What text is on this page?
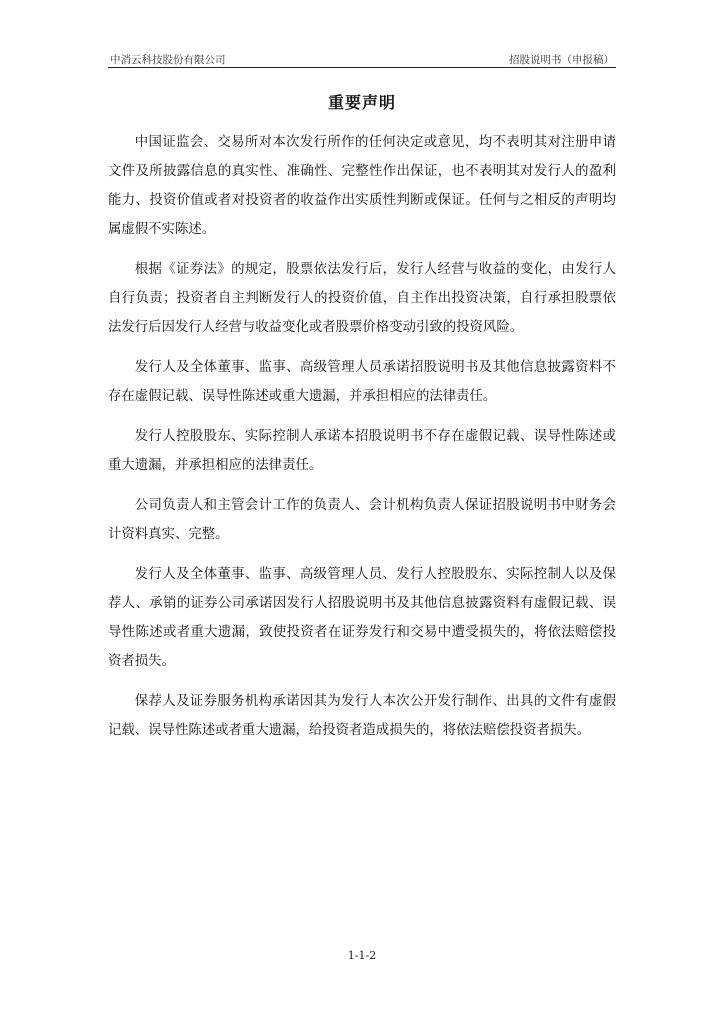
中消云科技股份有限公司	招股说明书（申报稿）
重要声明

中国证监会、交易所对本次发行所作的任何决定或意见，均不表明其对注册申请文件及所披露信息的真实性、准确性、完整性作出保证，也不表明其对发行人的盈利能力、投资价值或者对投资者的收益作出实质性判断或保证。任何与之相反的声明均属虚假不实陈述。

根据《证券法》的规定，股票依法发行后，发行人经营与收益的变化，由发行人自行负责；投资者自主判断发行人的投资价值，自主作出投资决策，自行承担股票依法发行后因发行人经营与收益变化或者股票价格变动引致的投资风险。

发行人及全体董事、监事、高级管理人员承诺招股说明书及其他信息披露资料不存在虚假记载、误导性陈述或重大遗漏，并承担相应的法律责任。

发行人控股股东、实际控制人承诺本招股说明书不存在虚假记载、误导性陈述或重大遗漏，并承担相应的法律责任。

公司负责人和主管会计工作的负责人、会计机构负责人保证招股说明书中财务会计资料真实、完整。

发行人及全体董事、监事、高级管理人员、发行人控股股东、实际控制人以及保荐人、承销的证券公司承诺因发行人招股说明书及其他信息披露资料有虚假记载、误导性陈述或者重大遗漏，致使投资者在证券发行和交易中遭受损失的，将依法赔偿投资者损失。

保荐人及证券服务机构承诺因其为发行人本次公开发行制作、出具的文件有虚假记载、误导性陈述或者重大遗漏，给投资者造成损失的，将依法赔偿投资者损失。

1-1-2
